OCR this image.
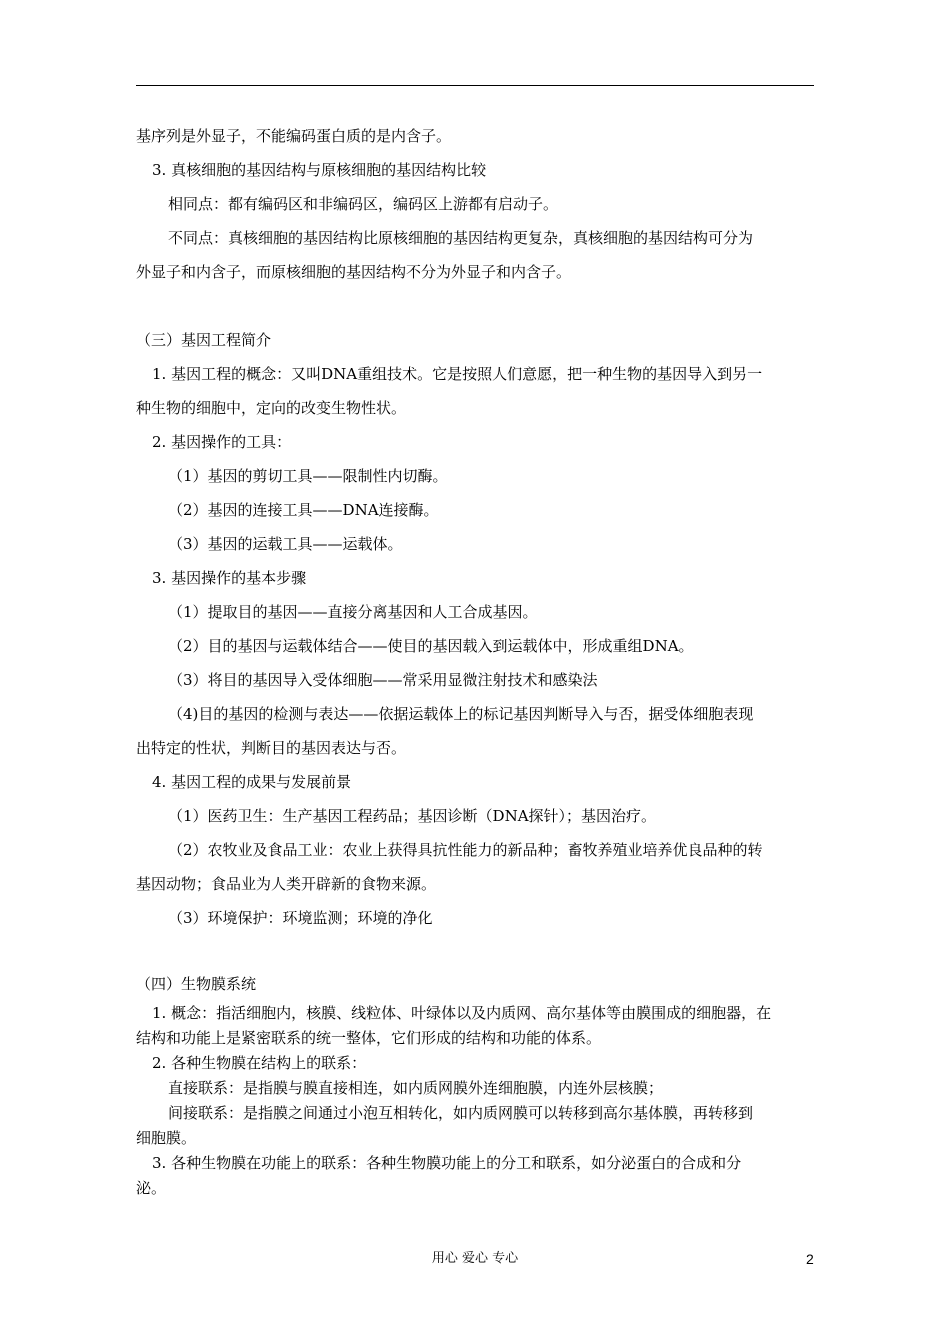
基序列是外显子，不能编码蛋白质的是内含子。
3. 真核细胞的基因结构与原核细胞的基因结构比较
相同点：都有编码区和非编码区，编码区上游都有启动子。
不同点：真核细胞的基因结构比原核细胞的基因结构更复杂，真核细胞的基因结构可分为
外显子和内含子，而原核细胞的基因结构不分为外显子和内含子。
（三）基因工程简介
1. 基因工程的概念：又叫DNA重组技术。它是按照人们意愿，把一种生物的基因导入到另一
种生物的细胞中，定向的改变生物性状。
2. 基因操作的工具：
（1）基因的剪切工具——限制性内切酶。
（2）基因的连接工具——DNA连接酶。
（3）基因的运载工具——运载体。
3. 基因操作的基本步骤
（1）提取目的基因——直接分离基因和人工合成基因。
（2）目的基因与运载体结合——使目的基因载入到运载体中，形成重组DNA。
（3）将目的基因导入受体细胞——常采用显微注射技术和感染法
（4)目的基因的检测与表达——依据运载体上的标记基因判断导入与否，据受体细胞表现
出特定的性状，判断目的基因表达与否。
4. 基因工程的成果与发展前景
（1）医药卫生：生产基因工程药品；基因诊断（DNA探针）；基因治疗。
（2）农牧业及食品工业：农业上获得具抗性能力的新品种；畜牧养殖业培养优良品种的转
基因动物；食品业为人类开辟新的食物来源。
（3）环境保护：环境监测；环境的净化
（四）生物膜系统
1. 概念：指活细胞内，核膜、线粒体、叶绿体以及内质网、高尔基体等由膜围成的细胞器，在
结构和功能上是紧密联系的统一整体，它们形成的结构和功能的体系。
2. 各种生物膜在结构上的联系：
直接联系：是指膜与膜直接相连，如内质网膜外连细胞膜，内连外层核膜；
间接联系：是指膜之间通过小泡互相转化，如内质网膜可以转移到高尔基体膜，再转移到
细胞膜。
3. 各种生物膜在功能上的联系：各种生物膜功能上的分工和联系，如分泌蛋白的合成和分
泌。
用心 爱心 专心	2
